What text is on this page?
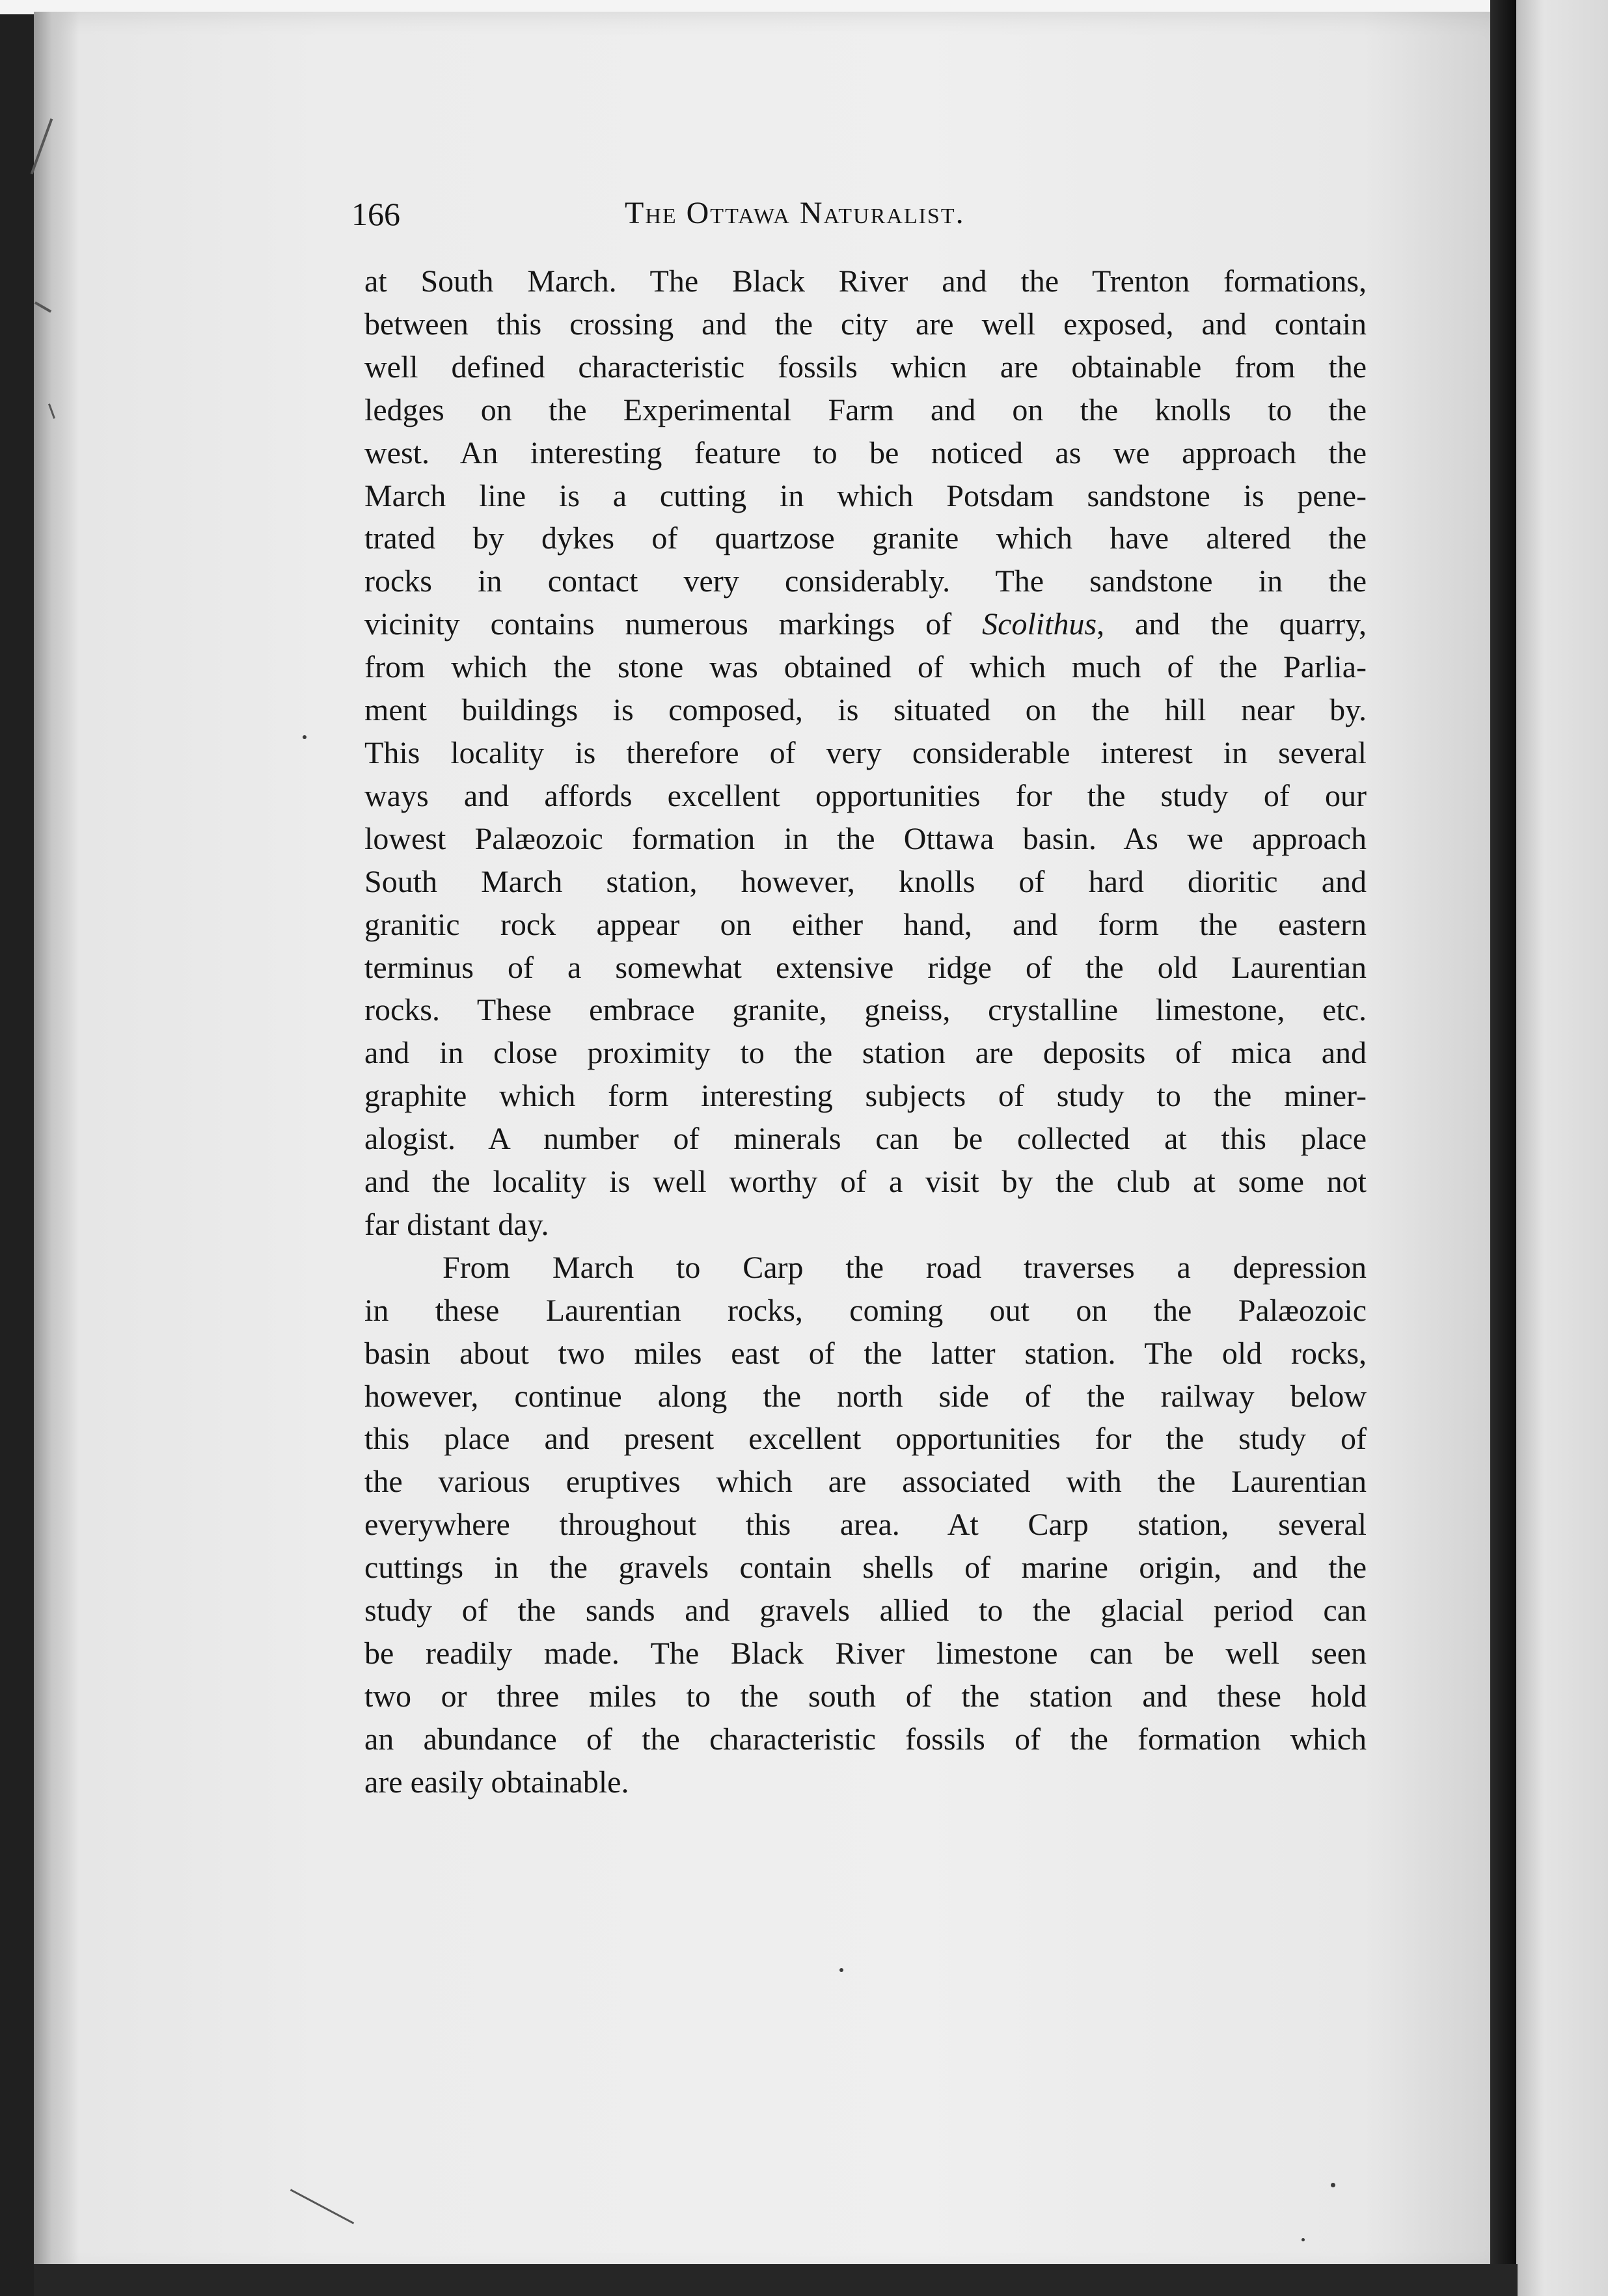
166	The Ottawa Naturalist.
at South March. The Black River and the Trenton formations,
between this crossing and the city are well exposed, and contain
well defined characteristic fossils whicn are obtainable from the
ledges on the Experimental Farm and on the knolls to the
west. An interesting feature to be noticed as we approach the
March line is a cutting in which Potsdam sandstone is pene-
trated by dykes of quartzose granite which have altered the
rocks in contact very considerably. The sandstone in the
vicinity contains numerous markings of Scolithus, and the quarry,
from which the stone was obtained of which much of the Parlia-
ment buildings is composed, is situated on the hill near by.
This locality is therefore of very considerable interest in several
ways and affords excellent opportunities for the study of our
lowest Palæozoic formation in the Ottawa basin. As we approach
South March station, however, knolls of hard dioritic and
granitic rock appear on either hand, and form the eastern
terminus of a somewhat extensive ridge of the old Laurentian
rocks. These embrace granite, gneiss, crystalline limestone, etc.
and in close proximity to the station are deposits of mica and
graphite which form interesting subjects of study to the miner-
alogist. A number of minerals can be collected at this place
and the locality is well worthy of a visit by the club at some not
far distant day.
From March to Carp the road traverses a depression
in these Laurentian rocks, coming out on the Palæozoic
basin about two miles east of the latter station. The old rocks,
however, continue along the north side of the railway below
this place and present excellent opportunities for the study of
the various eruptives which are associated with the Laurentian
everywhere throughout this area. At Carp station, several
cuttings in the gravels contain shells of marine origin, and the
study of the sands and gravels allied to the glacial period can
be readily made. The Black River limestone can be well seen
two or three miles to the south of the station and these hold
an abundance of the characteristic fossils of the formation which
are easily obtainable.
